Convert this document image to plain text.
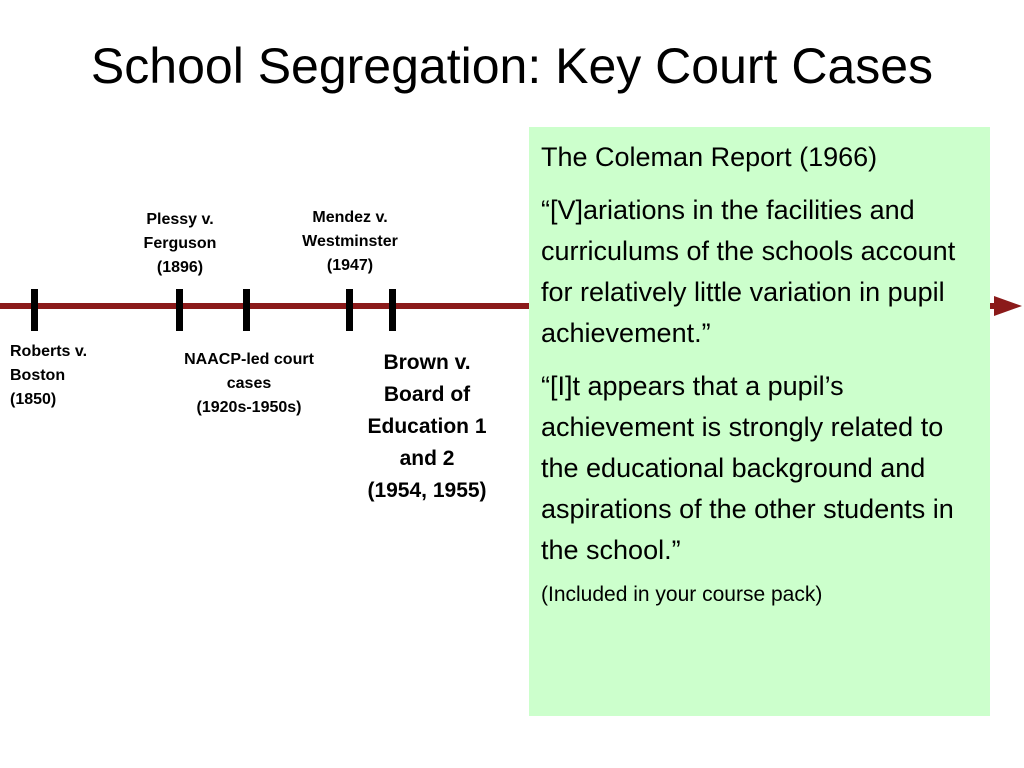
School Segregation: Key Court Cases
Roberts v. Boston
(1850)
Plessy v. Ferguson
(1896)
NAACP-led court cases
(1920s-1950s)
Mendez v. Westminster
(1947)
Brown v. Board of Education 1 and 2
(1954, 1955)

The Coleman Report (1966)

“[V]ariations in the facilities and curriculums of the schools account for relatively little variation in pupil achievement.”

“[I]t appears that a pupil’s achievement is strongly related to the educational background and aspirations of the other students in the school.”

(Included in your course pack)
